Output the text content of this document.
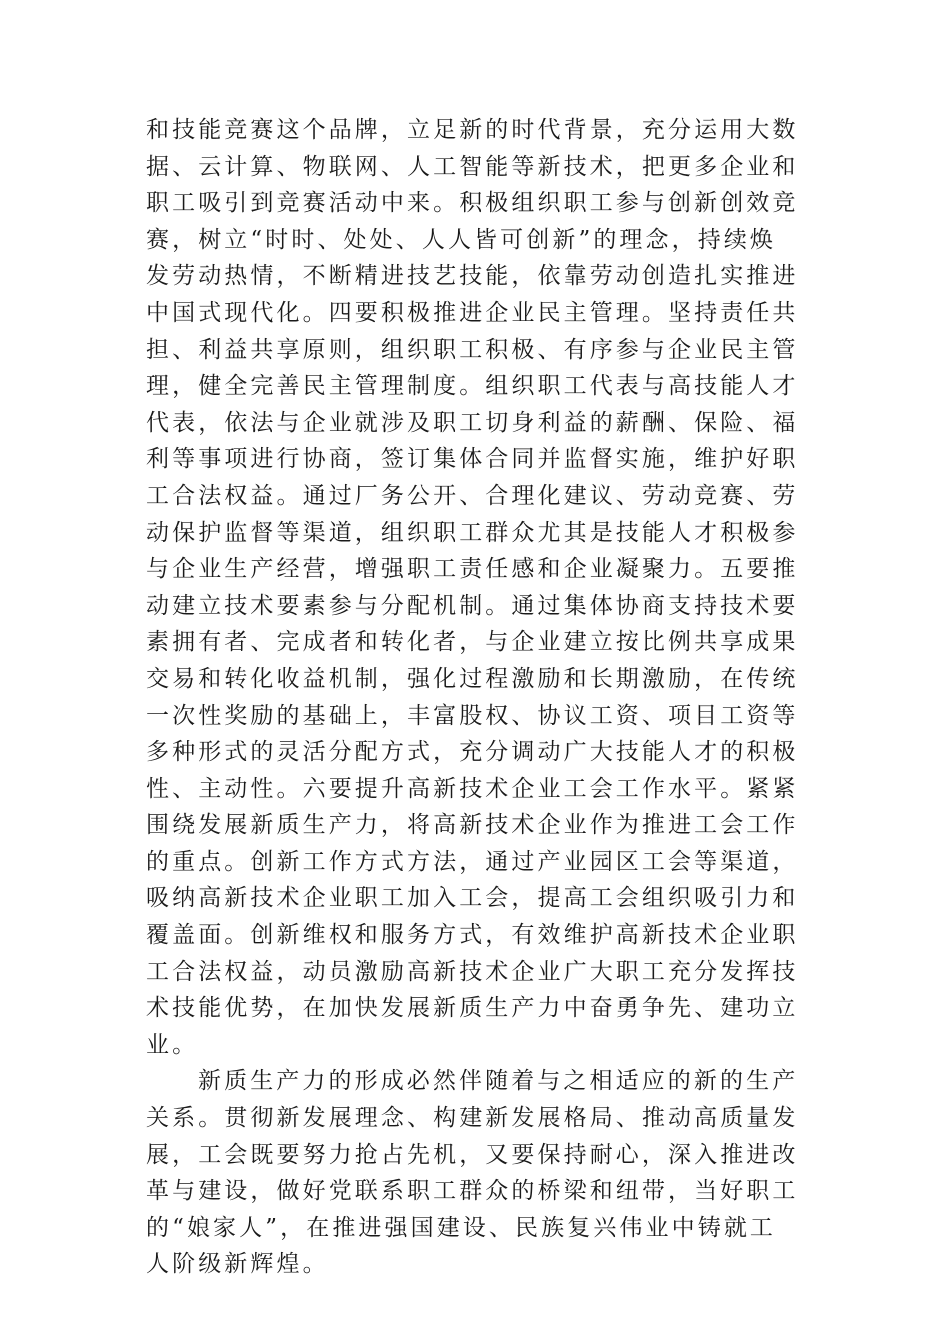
和技能竞赛这个品牌，立足新的时代背景，充分运用大数
据、云计算、物联网、人工智能等新技术，把更多企业和
职工吸引到竞赛活动中来。积极组织职工参与创新创效竞
赛，树立“时时、处处、人人皆可创新”的理念，持续焕
发劳动热情，不断精进技艺技能，依靠劳动创造扎实推进
中国式现代化。四要积极推进企业民主管理。坚持责任共
担、利益共享原则，组织职工积极、有序参与企业民主管
理，健全完善民主管理制度。组织职工代表与高技能人才
代表，依法与企业就涉及职工切身利益的薪酬、保险、福
利等事项进行协商，签订集体合同并监督实施，维护好职
工合法权益。通过厂务公开、合理化建议、劳动竞赛、劳
动保护监督等渠道，组织职工群众尤其是技能人才积极参
与企业生产经营，增强职工责任感和企业凝聚力。五要推
动建立技术要素参与分配机制。通过集体协商支持技术要
素拥有者、完成者和转化者，与企业建立按比例共享成果
交易和转化收益机制，强化过程激励和长期激励，在传统
一次性奖励的基础上，丰富股权、协议工资、项目工资等
多种形式的灵活分配方式，充分调动广大技能人才的积极
性、主动性。六要提升高新技术企业工会工作水平。紧紧
围绕发展新质生产力，将高新技术企业作为推进工会工作
的重点。创新工作方式方法，通过产业园区工会等渠道，
吸纳高新技术企业职工加入工会，提高工会组织吸引力和
覆盖面。创新维权和服务方式，有效维护高新技术企业职
工合法权益，动员激励高新技术企业广大职工充分发挥技
术技能优势，在加快发展新质生产力中奋勇争先、建功立
业。
新质生产力的形成必然伴随着与之相适应的新的生产
关系。贯彻新发展理念、构建新发展格局、推动高质量发
展，工会既要努力抢占先机，又要保持耐心，深入推进改
革与建设，做好党联系职工群众的桥梁和纽带，当好职工
的“娘家人”，在推进强国建设、民族复兴伟业中铸就工
人阶级新辉煌。
